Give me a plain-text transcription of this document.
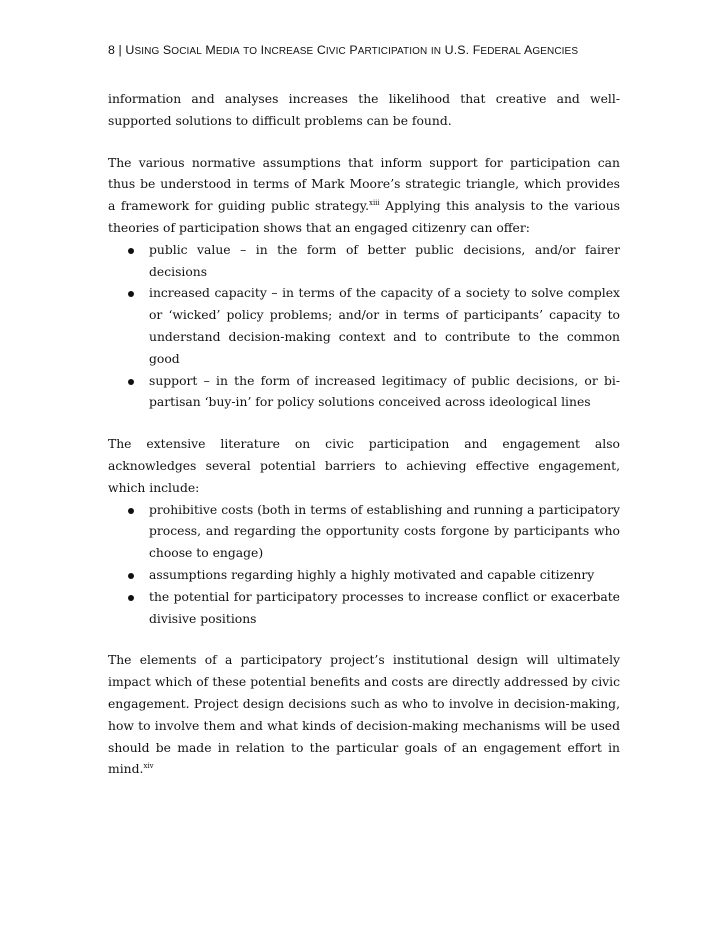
8 | USING SOCIAL MEDIA TO INCREASE CIVIC PARTICIPATION IN U.S. FEDERAL AGENCIES

information and analyses increases the likelihood that creative and well-supported solutions to difficult problems can be found.

The various normative assumptions that inform support for participation can thus be understood in terms of Mark Moore’s strategic triangle, which provides a framework for guiding public strategy.$^{xiii}$ Applying this analysis to the various theories of participation shows that an engaged citizenry can offer:

public value – in the form of better public decisions, and/or fairer decisions
increased capacity – in terms of the capacity of a society to solve complex or ‘wicked’ policy problems; and/or in terms of participants’ capacity to understand decision-making context and to contribute to the common good
support – in the form of increased legitimacy of public decisions, or bi-partisan ‘buy-in’ for policy solutions conceived across ideological lines

The extensive literature on civic participation and engagement also acknowledges several potential barriers to achieving effective engagement, which include:

prohibitive costs (both in terms of establishing and running a participatory process, and regarding the opportunity costs forgone by participants who choose to engage)
assumptions regarding highly a highly motivated and capable citizenry
the potential for participatory processes to increase conflict or exacerbate divisive positions

The elements of a participatory project’s institutional design will ultimately impact which of these potential benefits and costs are directly addressed by civic engagement. Project design decisions such as who to involve in decision-making, how to involve them and what kinds of decision-making mechanisms will be used should be made in relation to the particular goals of an engagement effort in mind.$^{xiv}$
